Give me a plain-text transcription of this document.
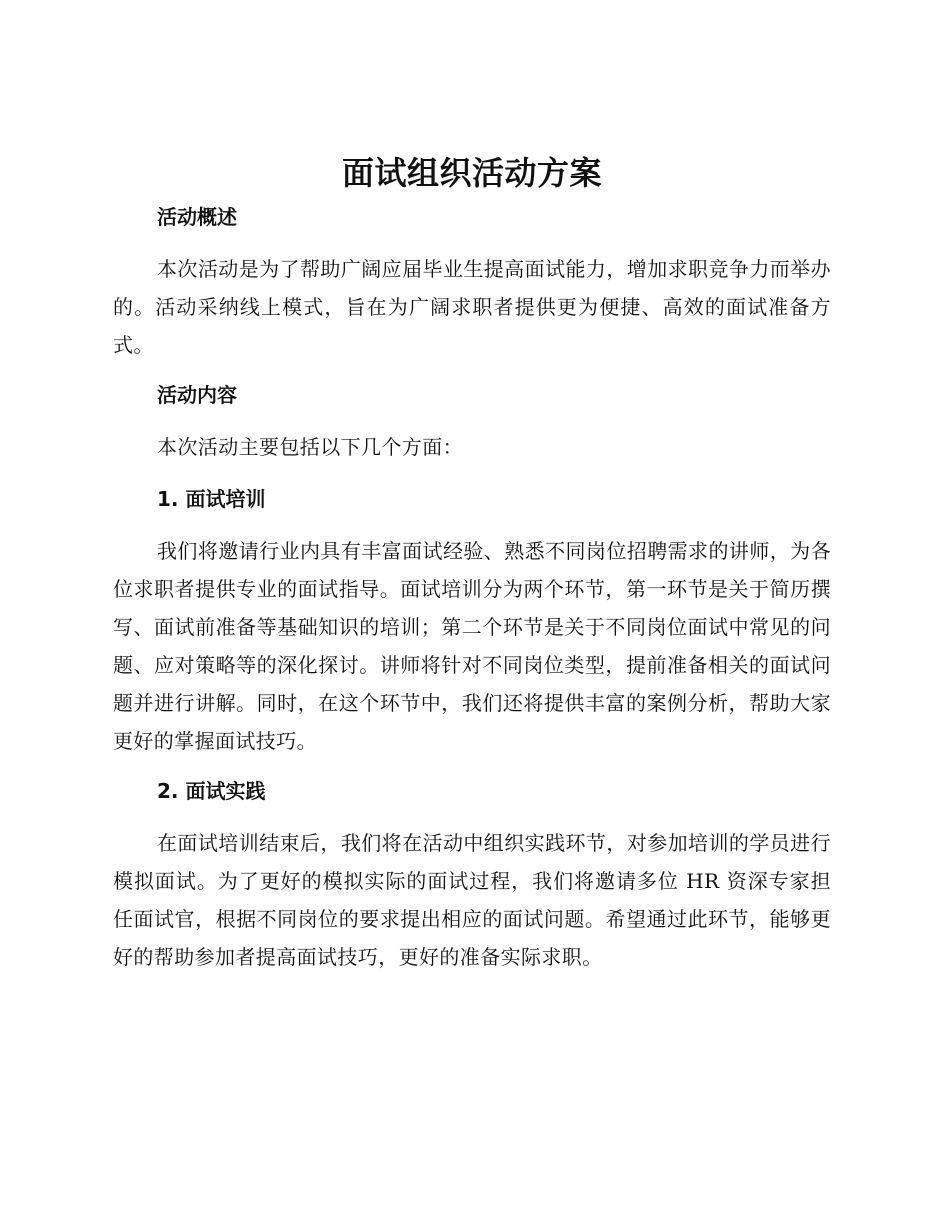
面试组织活动方案
活动概述

本次活动是为了帮助广阔应届毕业生提高面试能力，增加求职竞争力而举办的。活动采纳线上模式，旨在为广阔求职者提供更为便捷、高效的面试准备方式。

活动内容

本次活动主要包括以下几个方面：

1. 面试培训

我们将邀请行业内具有丰富面试经验、熟悉不同岗位招聘需求的讲师，为各位求职者提供专业的面试指导。面试培训分为两个环节，第一环节是关于简历撰写、面试前准备等基础知识的培训；第二个环节是关于不同岗位面试中常见的问题、应对策略等的深化探讨。讲师将针对不同岗位类型，提前准备相关的面试问题并进行讲解。同时，在这个环节中，我们还将提供丰富的案例分析，帮助大家更好的掌握面试技巧。

2. 面试实践

在面试培训结束后，我们将在活动中组织实践环节，对参加培训的学员进行模拟面试。为了更好的模拟实际的面试过程，我们将邀请多位 HR 资深专家担任面试官，根据不同岗位的要求提出相应的面试问题。希望通过此环节，能够更好的帮助参加者提高面试技巧，更好的准备实际求职。
